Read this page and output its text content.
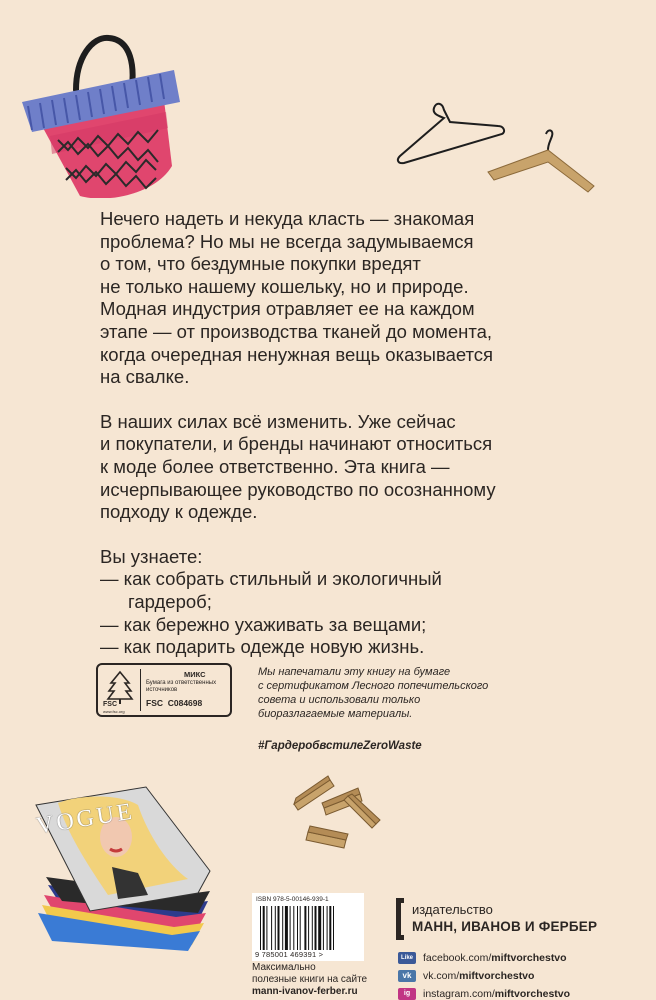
VOGUE
Нечего надеть и некуда класть — знакомая
проблема? Но мы не всегда задумываемся
о том, что бездумные покупки вредят
не только нашему кошельку, но и природе.
Модная индустрия отравляет ее на каждом
этапе — от производства тканей до момента,
когда очередная ненужная вещь оказывается
на свалке.
В наших силах всё изменить. Уже сейчас
и покупатели, и бренды начинают относиться
к моде более ответственно. Эта книга —
исчерпывающее руководство по осознанному
подходу к одежде.
Вы узнаете:
— как собрать стильный и экологичный
гардероб;
— как бережно ухаживать за вещами;
— как подарить одежде новую жизнь.
FSC
www.fsc.org
МИКС
Бумага из ответственных источников
FSC C084698
Мы напечатали эту книгу на бумаге
с сертификатом Лесного попечительского
совета и использовали только
биоразлагаемые материалы.
#ГардеробвстилеZeroWaste
ISBN 978-5-00146-939-1
9 785001 469391 >
Максимально
полезные книги на сайте
mann-ivanov-ferber.ru
издательство
МАНН, ИВАНОВ И ФЕРБЕР
Like facebook.com/ miftvorchestvo
vk	vk.com/ miftvorchestvo
ig	instagram.com/ miftvorchestvo
